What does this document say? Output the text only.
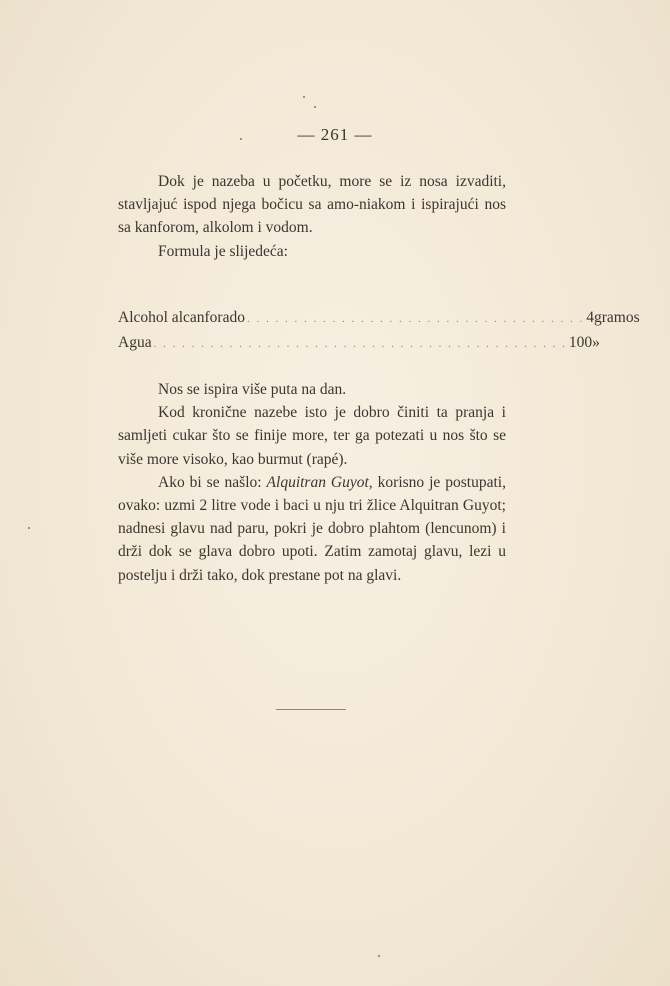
— 261 —

Dok je nazeba u početku, more se iz nosa izvaditi, stavljajuć ispod njega bočicu sa amo-niakom i ispirajući nos sa kanforom, alkolom i vodom.

Formula je slijedeća:

Alcohol alcanforado . . . . . . . . . . . . . . . . . . . . . . . . . . . . . . . . . . . . 4 gramos
Agua . . . . . . . . . . . . . . . . . . . . . . . . . . . . . . . . . . . . . . . . . . . . 100 »

Nos se ispira više puta na dan.

Kod kronične nazebe isto je dobro činiti ta pranja i samljeti cukar što se finije more, ter ga potezati u nos što se više more visoko, kao burmut (rapé).

Ako bi se našlo: Alquitran Guyot, korisno je postupati, ovako: uzmi 2 litre vode i baci u nju tri žlice Alquitran Guyot; nadnesi glavu nad paru, pokri je dobro plahtom (lencunom) i drži dok se glava dobro upoti. Zatim zamotaj glavu, lezi u postelju i drži tako, dok prestane pot na glavi.
